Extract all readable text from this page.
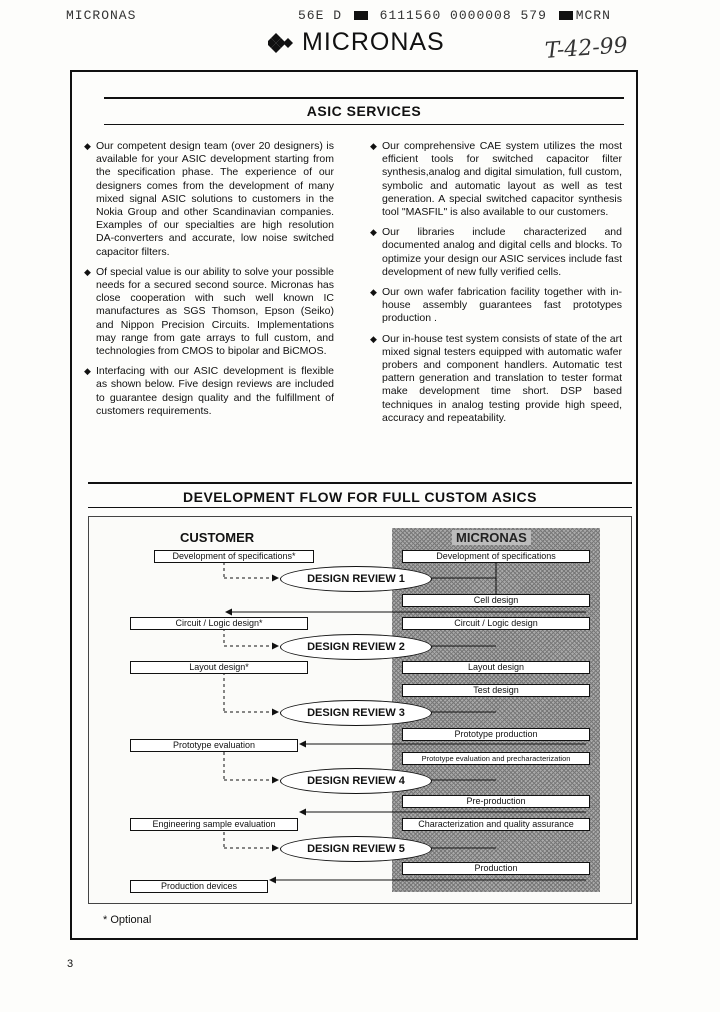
MICRONAS	56E D	6111560 0000008 579 MCRN
MICRONAS	T-42-99
ASIC SERVICES

◆ Our competent design team (over 20 designers) is available for your ASIC development starting from the specification phase. The experience of our designers comes from the development of many mixed signal ASIC solutions to customers in the Nokia Group and other Scandinavian companies. Examples of our specialties are high resolution DA-converters and accurate, low noise switched capacitor filters.

◆ Of special value is our ability to solve your possible needs for a secured second source. Micronas has close cooperation with such well known IC manufactures as SGS Thomson, Epson (Seiko) and Nippon Precision Circuits. Implementations may range from gate arrays to full custom, and technologies from CMOS to bipolar and BiCMOS.

◆ Interfacing with our ASIC development is flexible as shown below. Five design reviews are included to guarantee design quality and the fulfillment of customers requirements.

◆ Our comprehensive CAE system utilizes the most efficient tools for switched capacitor filter synthesis,analog and digital simulation, full custom, symbolic and automatic layout as well as test generation. A special switched capacitor synthesis tool "MASFIL" is also available to our customers.

◆ Our libraries include characterized and documented analog and digital cells and blocks. To optimize your design our ASIC services include fast development of new fully verified cells.

◆ Our own wafer fabrication facility together with in-house assembly guarantees fast prototypes production .

◆ Our in-house test system consists of state of the art mixed signal testers equipped with automatic wafer probers and component handlers. Automatic test pattern generation and translation to tester format make development time short. DSP based techniques in analog testing provide high speed, accuracy and repeatability.

DEVELOPMENT FLOW FOR FULL CUSTOM ASICS
CUSTOMER	MICRONAS
Development of specifications*
Circuit / Logic design*
Layout design*
Prototype evaluation
Engineering sample evaluation
Production devices
Development of specifications
Cell design
Circuit / Logic design
Layout design
Test design
Prototype production
Prototype evaluation and precharacterization
Pre-production
Characterization and quality assurance
Production
DESIGN REVIEW 1
DESIGN REVIEW 2
DESIGN REVIEW 3
DESIGN REVIEW 4
DESIGN REVIEW 5
* Optional
3
